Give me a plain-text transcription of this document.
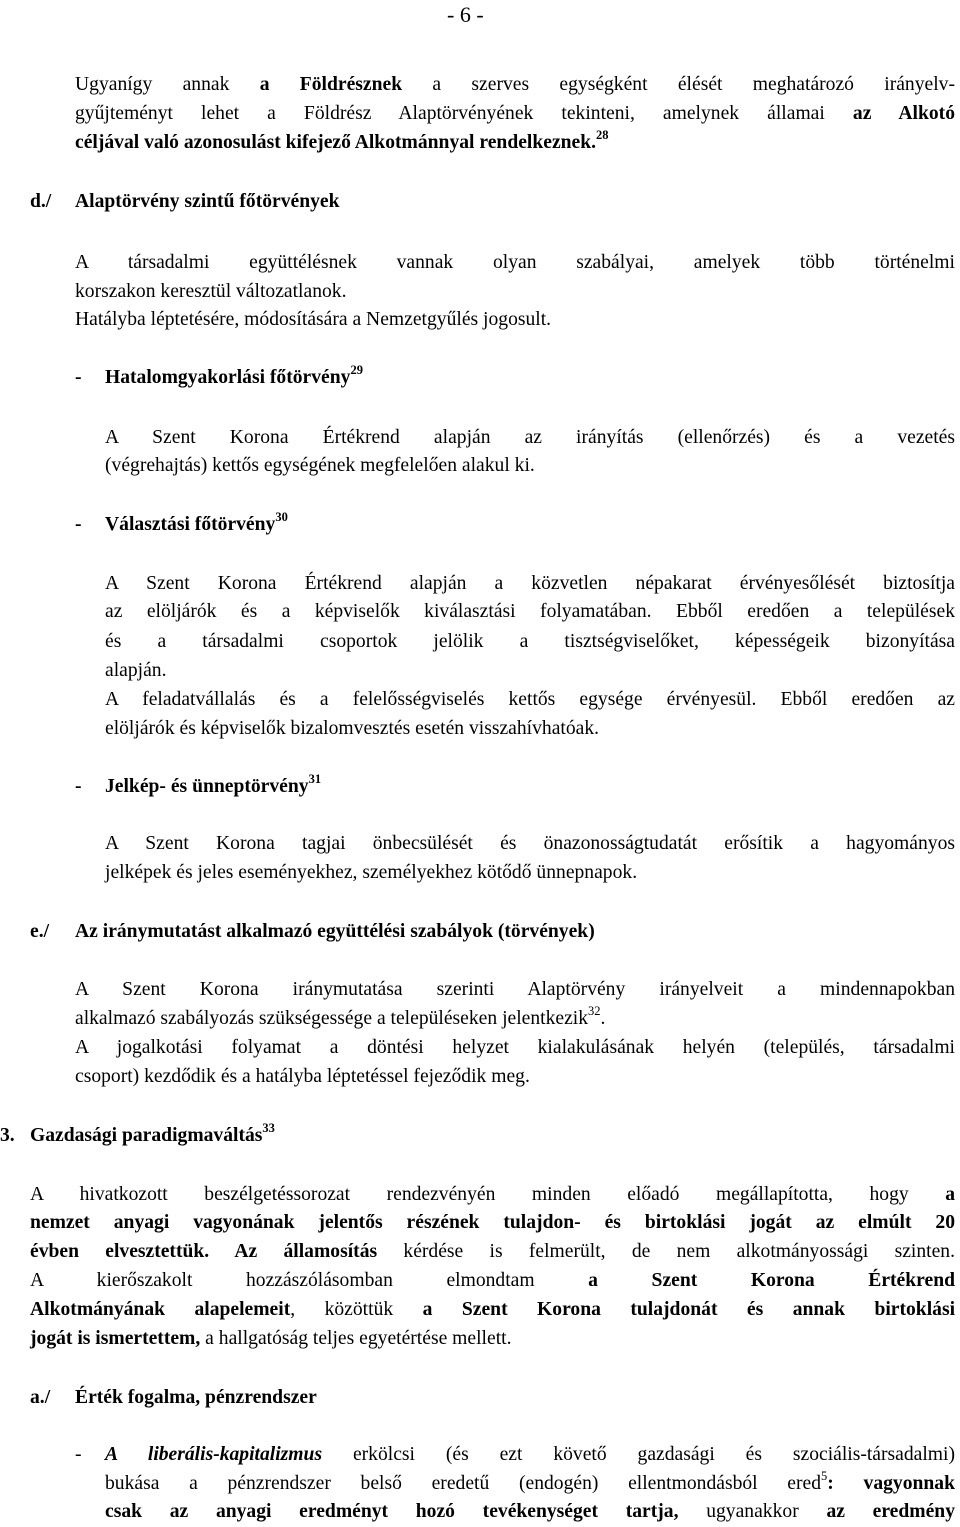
- 6 -
Ugyanígy annak a Földrésznek a szerves egységként élését meghatározó irányelv-
gyűjteményt lehet a Földrész Alaptörvényének tekinteni, amelynek államai az Alkotó
céljával való azonosulást kifejező Alkotmánnyal rendelkeznek.$^{28}$
d./ Alaptörvény szintű főtörvények
A társadalmi együttélésnek vannak olyan szabályai, amelyek több történelmi
korszakon keresztül változatlanok.
Hatályba léptetésére, módosítására a Nemzetgyűlés jogosult.
- Hatalomgyakorlási főtörvény$^{29}$
A Szent Korona Értékrend alapján az irányítás (ellenőrzés) és a vezetés
(végrehajtás) kettős egységének megfelelően alakul ki.
- Választási főtörvény$^{30}$
A Szent Korona Értékrend alapján a közvetlen népakarat érvényesőlését biztosítja
az elöljárók és a képviselők kiválasztási folyamatában. Ebből eredően a települések
és a társadalmi csoportok jelölik a tisztségviselőket, képességeik bizonyítása
alapján.
A feladatvállalás és a felelősségviselés kettős egysége érvényesül. Ebből eredően az
elöljárók és képviselők bizalomvesztés esetén visszahívhatóak.
- Jelkép- és ünneptörvény$^{31}$
A Szent Korona tagjai önbecsülését és önazonosságtudatát erősítik a hagyományos
jelképek és jeles eseményekhez, személyekhez kötődő ünnepnapok.
e./ Az iránymutatást alkalmazó együttélési szabályok (törvények)
A Szent Korona iránymutatása szerinti Alaptörvény irányelveit a mindennapokban
alkalmazó szabályozás szükségessége a településeken jelentkezik$^{32}$.
A jogalkotási folyamat a döntési helyzet kialakulásának helyén (település, társadalmi
csoport) kezdődik és a hatályba léptetéssel fejeződik meg.
3. Gazdasági paradigmaváltás$^{33}$
A hivatkozott beszélgetéssorozat rendezvényén minden előadó megállapította, hogy a
nemzet anyagi vagyonának jelentős részének tulajdon- és birtoklási jogát az elmúlt 20
évben elvesztettük. Az államosítás kérdése is felmerült, de nem alkotmányossági szinten.
A kierőszakolt hozzászólásomban elmondtam a Szent Korona Értékrend
Alkotmányának alapelemeit, közöttük a Szent Korona tulajdonát és annak birtoklási
jogát is ismertettem, a hallgatóság teljes egyetértése mellett.
a./ Érték fogalma, pénzrendszer
- A liberális-kapitalizmus erkölcsi (és ezt követő gazdasági és szociális-társadalmi)
bukása a pénzrendszer belső eredetű (endogén) ellentmondásból ered$^5$: vagyonnak
csak az anyagi eredményt hozó tevékenységet tartja, ugyanakkor az eredmény
